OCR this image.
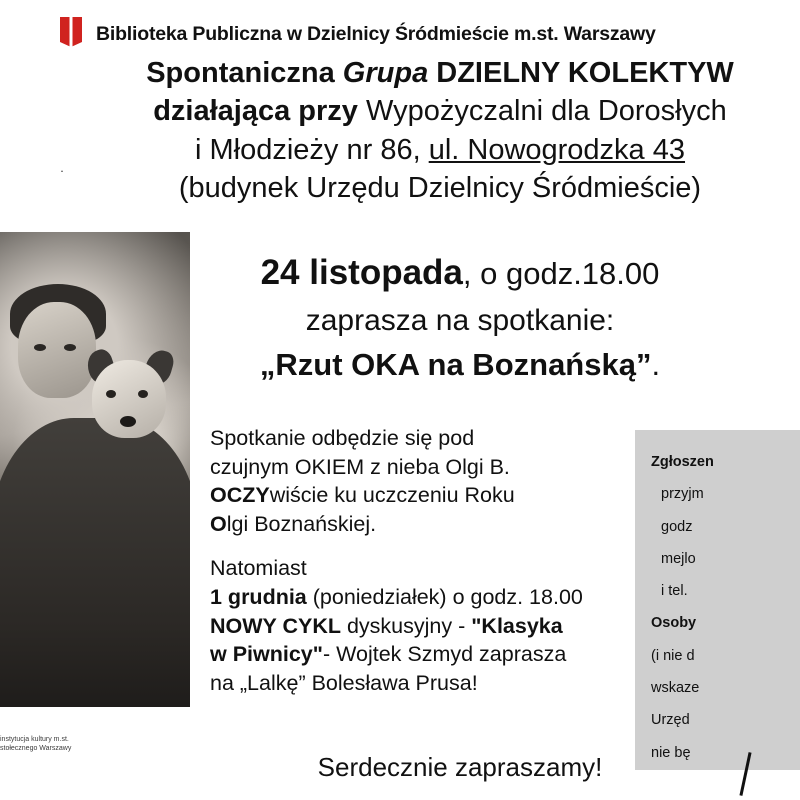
Biblioteka Publiczna w Dzielnicy Śródmieście m.st. Warszawy
Spontaniczna Grupa DZIELNY KOLEKTYW
działająca przy Wypożyczalni dla Dorosłych
i Młodzieży nr 86, ul. Nowogrodzka 43
(budynek Urzędu Dzielnicy Śródmieście)
24 listopada, o godz.18.00
zaprasza na spotkanie:
„Rzut OKA na Boznańską”.
instytucja kultury m.st. stołecznego Warszawy

Spotkanie odbędzie się pod
czujnym OKIEM z nieba Olgi B.
OCZYwiście ku uczczeniu Roku
Olgi Boznańskiej.

Natomiast
1 grudnia (poniedziałek) o godz. 18.00
NOWY CYKL dyskusyjny - "Klasyka
w Piwnicy"- Wojtek Szmyd zaprasza
na „Lalkę” Bolesława Prusa!

Serdecznie zapraszamy!

Zgłoszen

przyjm

godz

mejlo

i tel.

Osoby

(i nie d

wskaze

Urzęd

nie bę
